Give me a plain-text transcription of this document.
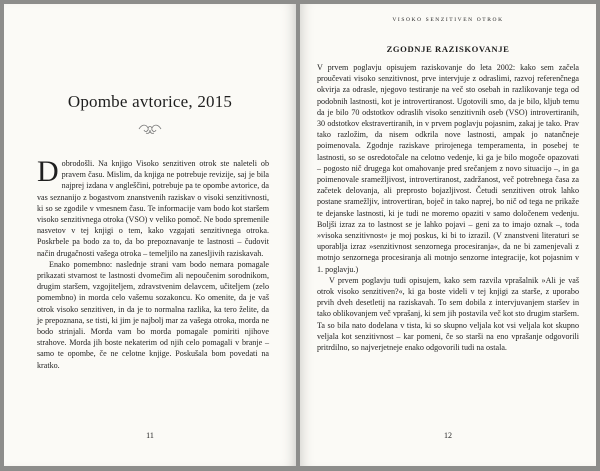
Opombe avtorice, 2015

Dobrodošli. Na knjigo Visoko senzitiven otrok ste naleteli ob pravem času. Mislim, da knjiga ne potrebuje revizije, saj je bila najprej izdana v angleščini, potrebuje pa te opombe avtorice, da vas seznanijo z bogastvom znanstvenih raziskav o visoki senzitivnosti, ki so se zgodile v vmesnem času. Te informacije vam bodo kot staršem visoko senzitivnega otroka (VSO) v veliko pomoč. Ne bodo spremenile nasvetov v tej knjigi o tem, kako vzgajati senzitivnega otroka. Poskrbele pa bodo za to, da bo prepoznavanje te lastnosti – čudovit način drugačnosti vašega otroka – temeljilo na zanesljivih raziskavah.

Enako pomembno: naslednje strani vam bodo nemara pomagale prikazati stvarnost te lastnosti dvomečim ali nepoučenim sorodnikom, drugim staršem, vzgojiteljem, zdravstvenim delavcem, učiteljem (zelo pomembno) in morda celo vašemu sozakoncu. Ko omenite, da je vaš otrok visoko senzitiven, in da je to normalna razlika, ka tero želite, da je prepoznana, se tisti, ki jim je najbolj mar za vašega otroka, morda ne bodo strinjali. Morda vam bo morda pomagale pomiriti njihove strahove. Morda jih boste nekaterim od njih celo pomagali v branje – samo te opombe, če ne celotne knjige. Poskušala bom povedati na kratko.

11
VISOKO SENZITIVEN OTROK
ZGODNJE RAZISKOVANJE

V prvem poglavju opisujem raziskovanje do leta 2002: kako sem začela proučevati visoko senzitivnost, prve intervjuje z odraslimi, razvoj referenčnega okvirja za odrasle, njegovo testiranje na več sto osebah in razlikovanje tega od podobnih lastnosti, kot je introvertiranost. Ugotovili smo, da je bilo, kljub temu da je bilo 70 odstotkov odraslih visoko senzitivnih oseb (VSO) introvertiranih, 30 odstotkov ekstravertiranih, in v prvem poglavju pojasnim, zakaj je tako. Prav tako razložim, da nisem odkrila nove lastnosti, ampak jo natančneje poimenovala. Zgodnje raziskave prirojenega temperamenta, in posebej te lastnosti, so se osredotočale na celotno vedenje, ki ga je bilo mogoče opazovati – pogosto nič drugega kot omahovanje pred srečanjem z novo situacijo –, in ga poimenovale sramežljivost, introvertiranost, zadržanost, več potrebnega časa za začetek delovanja, ali preprosto bojazljivost. Četudi senzitiven otrok lahko postane sramežljiv, introvertiran, boječ in tako naprej, bo nič od tega ne prikaže te dejanske lastnosti, ki je tudi ne moremo opaziti v samo določenem vedenju. Boljši izraz za to lastnost se je lahko pojavi – geni za to imajo oznak –, toda »visoka senzitivnost« je moj poskus, ki bi to izrazil. (V znanstveni literaturi se uporablja izraz »senzitivnost senzornega procesiranja«, da ne bi zamenjevali z motnjo senzornega procesiranja ali motnjo senzorne integracije, kot pojasnim v 1. poglavju.)

V prvem poglavju tudi opisujem, kako sem razvila vprašalnik »Ali je vaš otrok visoko senzitiven?«, ki ga boste videli v tej knjigi za starše, z uporabo prvih dveh desetletij na raziskavah. To sem dobila z intervjuvanjem staršev in tako oblikovanjem več vprašanj, ki sem jih postavila več kot sto drugim staršem. Ta so bila nato dodelana v tista, ki so skupno veljala kot vsi veljala kot skupno veljala kot senzitivnost – kar pomeni, če so starši na eno vprašanje odgovorili pritrdilno, so najverjetneje enako odgovorili tudi na ostala.

12
